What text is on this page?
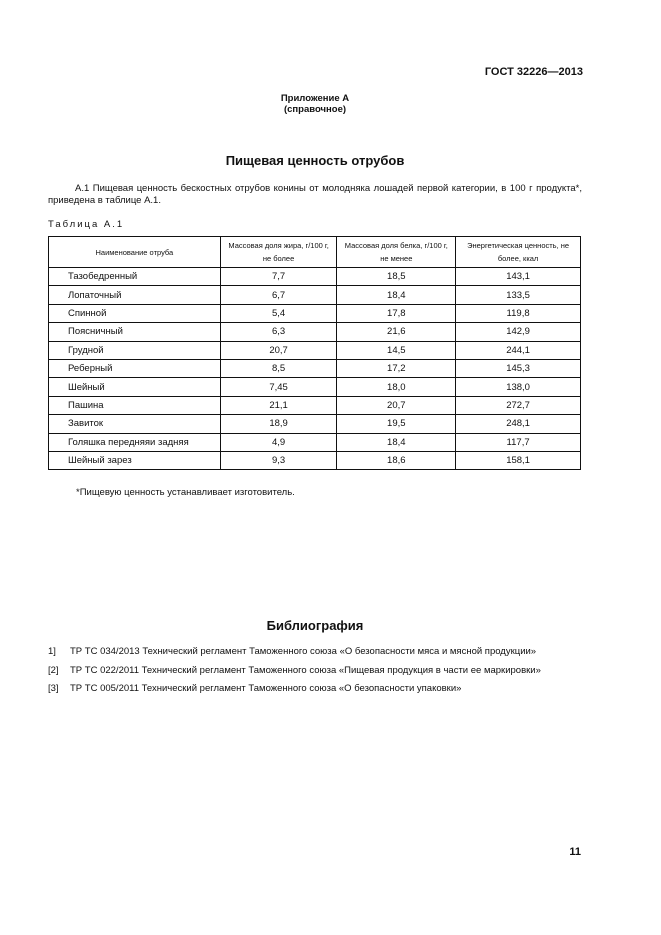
ГОСТ 32226—2013
Приложение А
(справочное)
Пищевая ценность отрубов
А.1 Пищевая ценность бескостных отрубов конины от молодняка лошадей первой категории, в 100 г продукта*, приведена в таблице А.1.
Таблица А.1
Наименование отруба	Массовая доля жира, г/100 г, не более	Массовая доля белка, г/100 г, не менее	Энергетическая ценность, не более, ккал
Тазобедренный	7,7	18,5	143,1
Лопаточный	6,7	18,4	133,5
Спинной	5,4	17,8	119,8
Поясничный	6,3	21,6	142,9
Грудной	20,7	14,5	244,1
Реберный	8,5	17,2	145,3
Шейный	7,45	18,0	138,0
Пашина	21,1	20,7	272,7
Завиток	18,9	19,5	248,1
Голяшка передняяи задняя	4,9	18,4	117,7
Шейный зарез	9,3	18,6	158,1
*Пищевую ценность устанавливает изготовитель.
Библиография
1] ТР ТС 034/2013 Технический регламент Таможенного союза «О безопасности мяса и мясной продукции»
[2] ТР ТС 022/2011 Технический регламент Таможенного союза «Пищевая продукция в части ее маркировки»
[3] ТР ТС 005/2011 Технический регламент Таможенного союза «О безопасности упаковки»
11
